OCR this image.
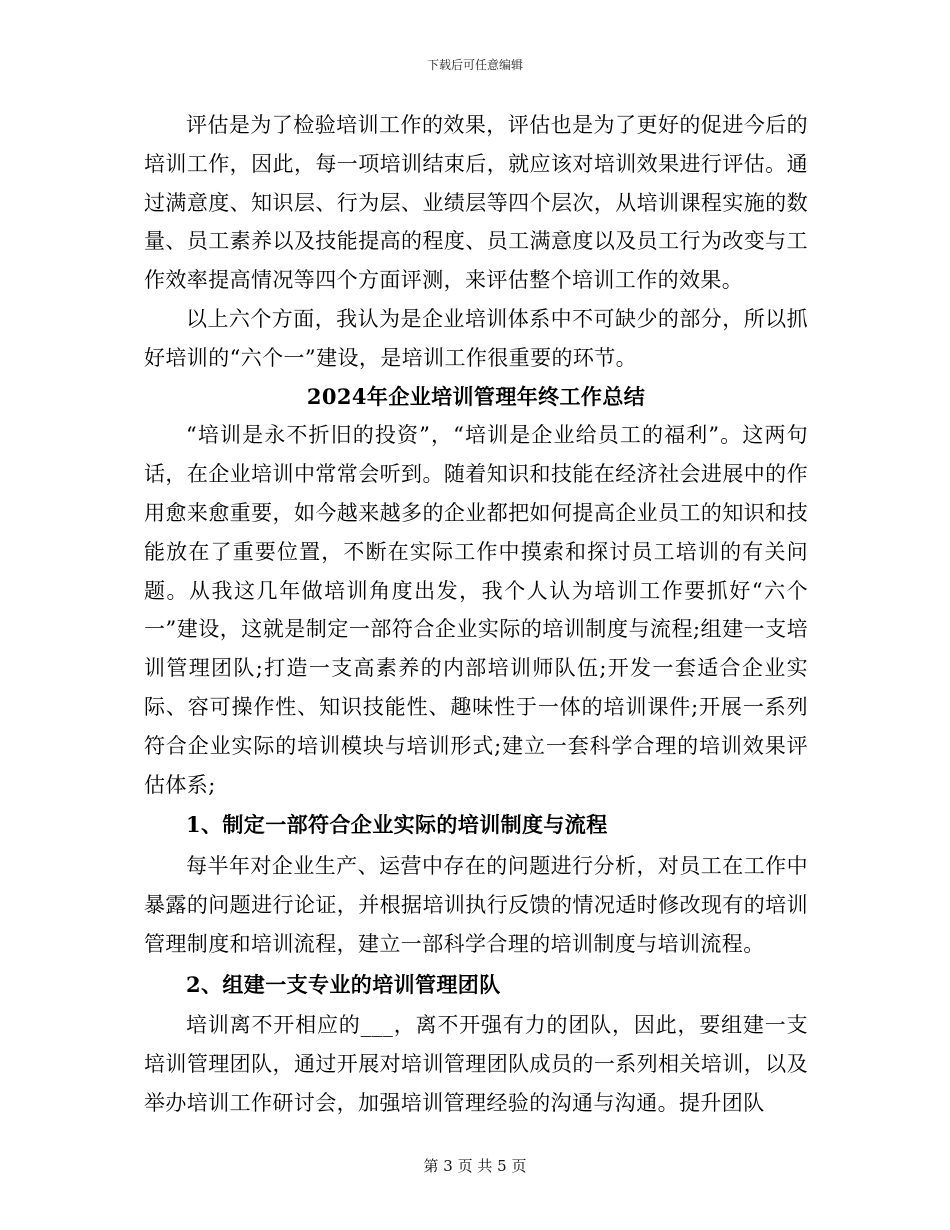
下载后可任意编辑

评估是为了检验培训工作的效果，评估也是为了更好的促进今后的培训工作，因此，每一项培训结束后，就应该对培训效果进行评估。通过满意度、知识层、行为层、业绩层等四个层次，从培训课程实施的数量、员工素养以及技能提高的程度、员工满意度以及员工行为改变与工作效率提高情况等四个方面评测，来评估整个培训工作的效果。

以上六个方面，我认为是企业培训体系中不可缺少的部分，所以抓好培训的“六个一”建设，是培训工作很重要的环节。

2024年企业培训管理年终工作总结

“培训是永不折旧的投资”，“培训是企业给员工的福利”。这两句话，在企业培训中常常会听到。随着知识和技能在经济社会进展中的作用愈来愈重要，如今越来越多的企业都把如何提高企业员工的知识和技能放在了重要位置，不断在实际工作中摸索和探讨员工培训的有关问题。从我这几年做培训角度出发，我个人认为培训工作要抓好“六个一”建设，这就是制定一部符合企业实际的培训制度与流程;组建一支培训管理团队;打造一支高素养的内部培训师队伍;开发一套适合企业实际、容可操作性、知识技能性、趣味性于一体的培训课件;开展一系列符合企业实际的培训模块与培训形式;建立一套科学合理的培训效果评估体系;

1、制定一部符合企业实际的培训制度与流程

每半年对企业生产、运营中存在的问题进行分析，对员工在工作中暴露的问题进行论证，并根据培训执行反馈的情况适时修改现有的培训管理制度和培训流程，建立一部科学合理的培训制度与培训流程。

2、组建一支专业的培训管理团队

培训离不开相应的___，离不开强有力的团队，因此，要组建一支培训管理团队，通过开展对培训管理团队成员的一系列相关培训，以及举办培训工作研讨会，加强培训管理经验的沟通与沟通。提升团队

第 3 页 共 5 页
